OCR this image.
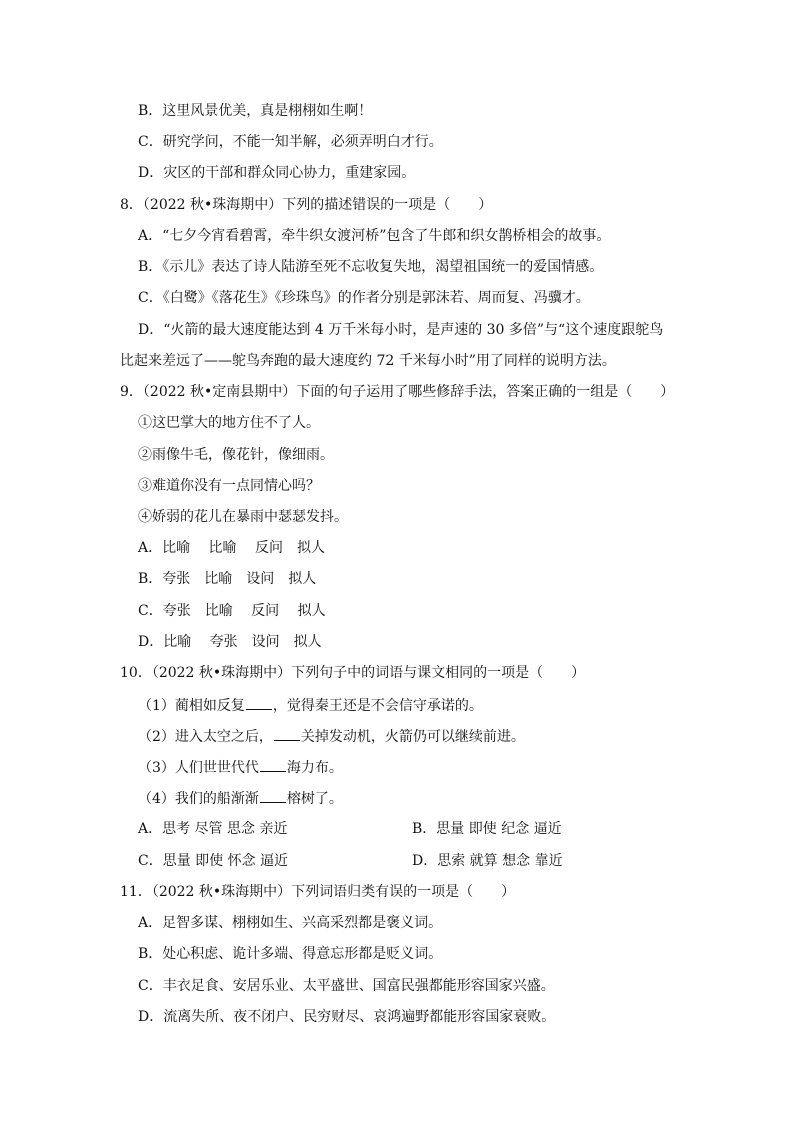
B．这里风景优美，真是栩栩如生啊！
C．研究学问，不能一知半解，必须弄明白才行。
D．灾区的干部和群众同心协力，重建家园。
8．（2022 秋•珠海期中）下列的描述错误的一项是（　　）
A．“七夕今宵看碧霄，牵牛织女渡河桥”包含了牛郎和织女鹊桥相会的故事。
B．《示儿》表达了诗人陆游至死不忘收复失地，渴望祖国统一的爱国情感。
C．《白鹭》《落花生》《珍珠鸟》的作者分别是郭沫若、周而复、冯骥才。
D．“火箭的最大速度能达到 4 万千米每小时，是声速的 30 多倍”与“这个速度跟鸵鸟
比起来差远了——鸵鸟奔跑的最大速度约 72 千米每小时”用了同样的说明方法。
9．（2022 秋•定南县期中）下面的句子运用了哪些修辞手法，答案正确的一组是（　　）
①这巴掌大的地方住不了人。
②雨像牛毛，像花针，像细雨。
③难道你没有一点同情心吗？
④娇弱的花儿在暴雨中瑟瑟发抖。
A．比喻　 比喻　 反问　拟人
B．夸张　比喻　设问　拟人
C．夸张　比喻　 反问　 拟人
D．比喻　 夸张　设问　拟人
10．（2022 秋•珠海期中）下列句子中的词语与课文相同的一项是（　　）
（1）蔺相如反复 ，觉得秦王还是不会信守承诺的。
（2）进入太空之后， 关掉发动机，火箭仍可以继续前进。
（3）人们世世代代 海力布。
（4）我们的船渐渐 榕树了。
A．思考 尽管 思念 亲近	B．思量 即使 纪念 逼近
C．思量 即使 怀念 逼近	D．思索 就算 想念 靠近
11．（2022 秋•珠海期中）下列词语归类有误的一项是（　　）
A．足智多谋、栩栩如生、兴高采烈都是褒义词。
B．处心积虑、诡计多端、得意忘形都是贬义词。
C．丰衣足食、安居乐业、太平盛世、国富民强都能形容国家兴盛。
D．流离失所、夜不闭户、民穷财尽、哀鸿遍野都能形容国家衰败。
